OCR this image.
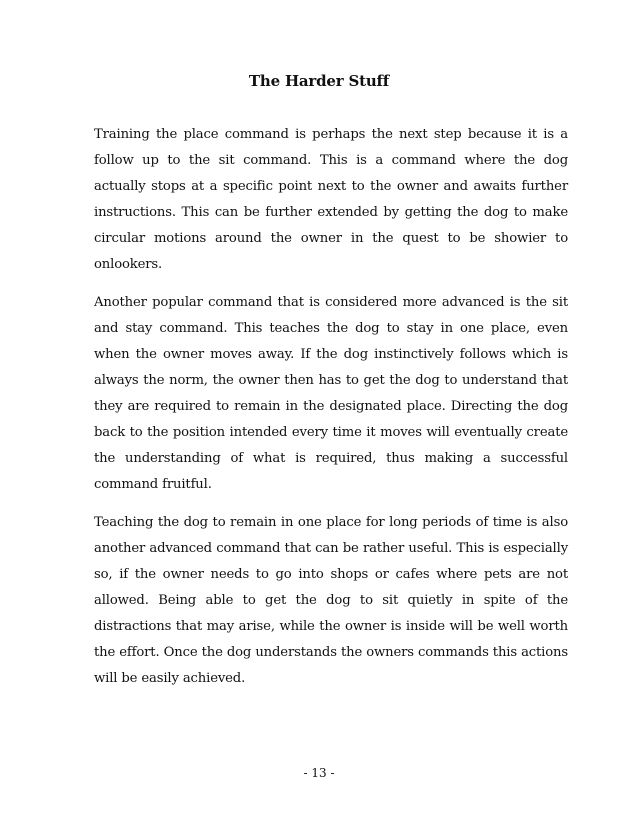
The Harder Stuff

Training the place command is perhaps the next step because it is a follow up to the sit command. This is a command where the dog actually stops at a specific point next to the owner and awaits further instructions. This can be further extended by getting the dog to make circular motions around the owner in the quest to be showier to onlookers.

Another popular command that is considered more advanced is the sit and stay command. This teaches the dog to stay in one place, even when the owner moves away. If the dog instinctively follows which is always the norm, the owner then has to get the dog to understand that they are required to remain in the designated place. Directing the dog back to the position intended every time it moves will eventually create the understanding of what is required, thus making a successful command fruitful.

Teaching the dog to remain in one place for long periods of time is also another advanced command that can be rather useful. This is especially so, if the owner needs to go into shops or cafes where pets are not allowed. Being able to get the dog to sit quietly in spite of the distractions that may arise, while the owner is inside will be well worth the effort. Once the dog understands the owners commands this actions will be easily achieved.

- 13 -
